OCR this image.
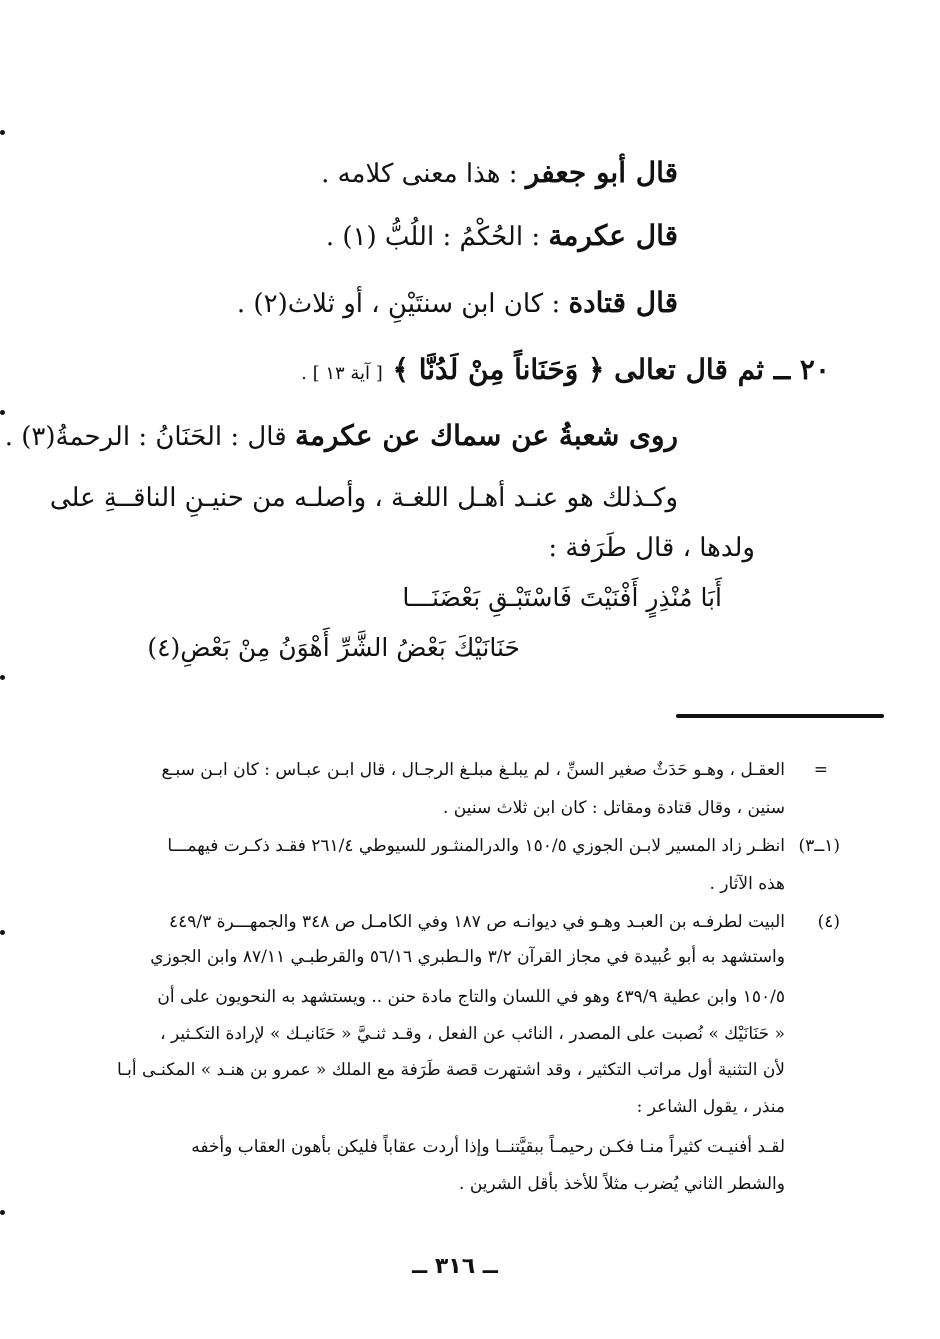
قال أبو جعفر : هذا معنى كلامه .
قال عكرمة : الحُكْمُ : اللُبُّ (١) .
قال قتادة : كان ابن سنتَيْنِ ، أو ثلاث(٢) .
٢٠ ــ ثم قال تعالى ﴿ وَحَنَاناً مِنْ لَدُنَّا ﴾ [ آية ١٣ ] .
روى شعبةُ عن سماك عن عكرمة قال : الحَنَانُ : الرحمةُ(٣) .
وكـذلك هو عنـد أهـل اللغـة ، وأصلـه من حنيـنِ الناقــةِ على
ولدها ، قال طَرَفة :
أَبَا مُنْذِرٍ أَفْنَيْتَ فَاسْتَبْـقِ بَعْضَنَـــا
حَنَانَيْكَ بَعْضُ الشَّرِّ أَهْوَنُ مِنْ بَعْضِ(٤)
=
العقـل ، وهـو حَدَثٌ صغير السنِّ ، لم يبلـغ مبلـغ الرجـال ، قال ابـن عبـاس : كان ابـن سبـع
سنين ، وقال قتادة ومقاتل : كان ابن ثلاث سنين .
(١ــ٣)
انظـر زاد المسير لابـن الجوزي ١٥٠/٥ والدرالمنثـور للسيوطي ٢٦١/٤ فقـد ذكـرت فيهمـــا
هذه الآثار .
(٤)
البيت لطرفـه بن العبـد وهـو في ديوانـه ص ١٨٧ وفي الكامـل ص ٣٤٨ والجمهـــرة ٤٤٩/٣
واستشهد به أبو عُبيدة في مجاز القرآن ٣/٢ والـطبري ٥٦/١٦ والقرطبـي ٨٧/١١ وابن الجوزي
١٥٠/٥ وابن عطية ٤٣٩/٩ وهو في اللسان والتاج مادة حنن .. ويستشهد به النحويون على أن
« حَنَانَيْك » نُصبت على المصدر ، النائب عن الفعل ، وقـد ثنـيَّ « حَنَانيـك » لإرادة التكـثير ،
لأن التثنية أول مراتب التكثير ، وقد اشتهرت قصة طَرَفة مع الملك « عمرو بن هنـد » المكنـى أبـا
منذر ، يقول الشاعر :
لقـد أفنيـت كثيراً منـا فكـن رحيمـاً ببقيَّتنــا وإذا أردت عقاباً فليكن بأهون العقاب وأخفه
والشطر الثاني يُضرب مثلاً للأخذ بأقل الشرين .
ــ ٣١٦ ــ
